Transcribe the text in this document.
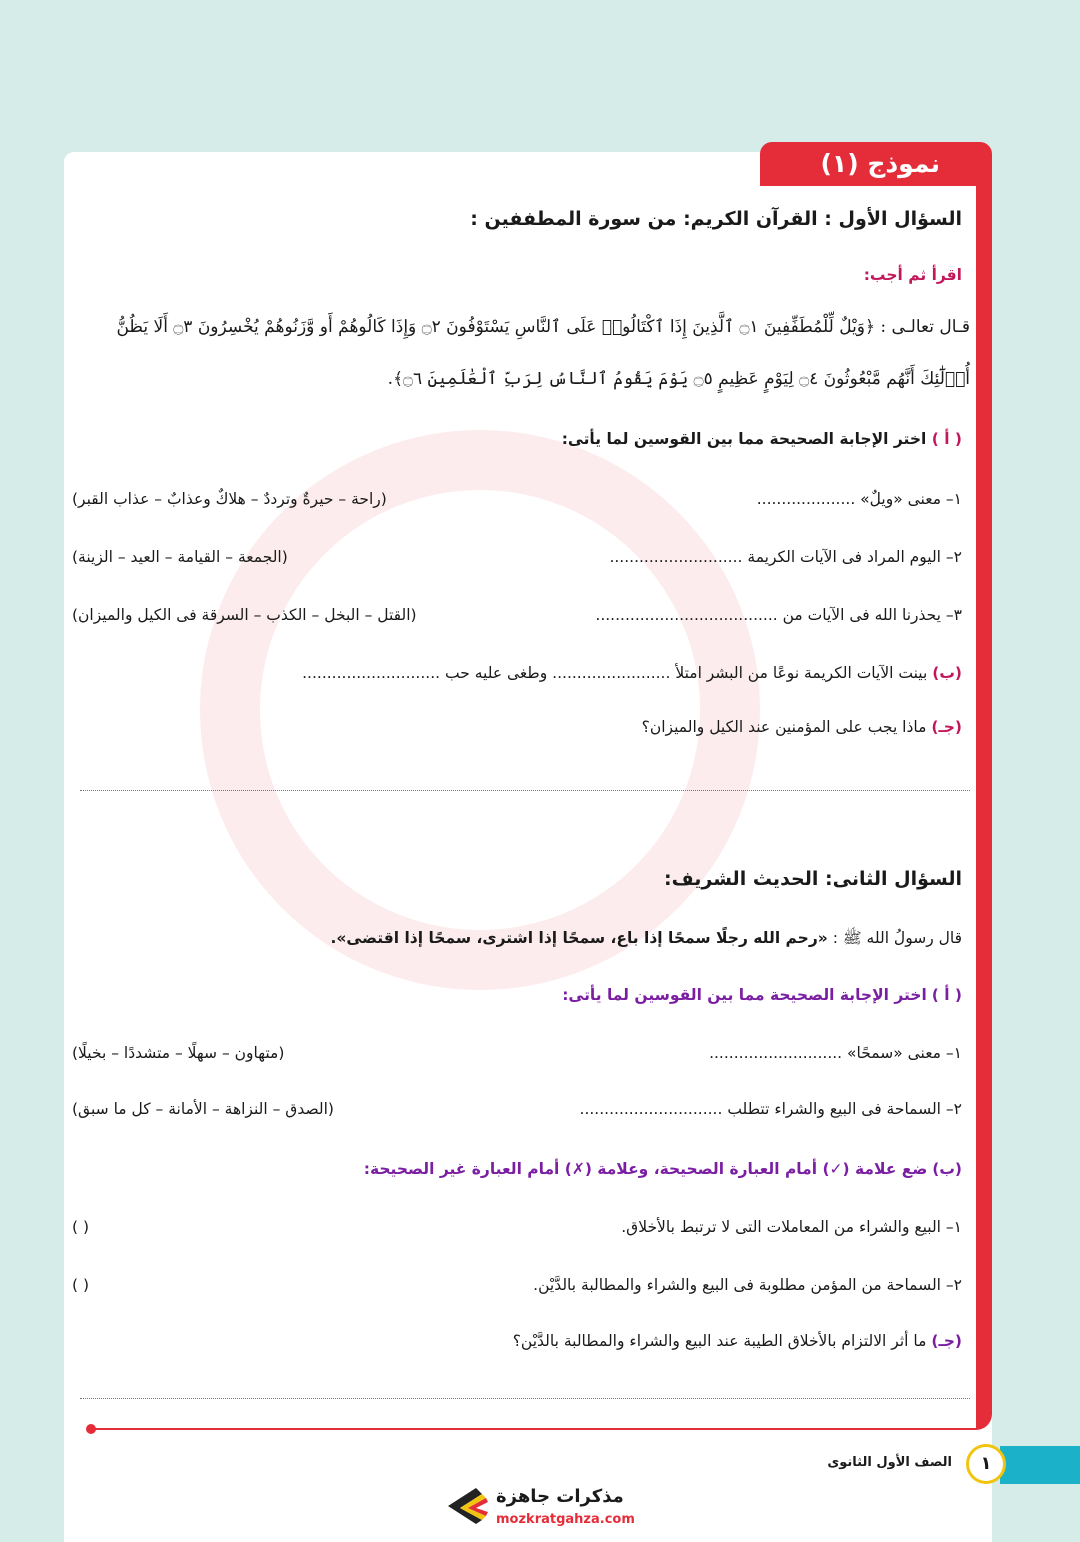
نموذج (١)
السؤال الأول : القرآن الكريم: من سورة المطففين :
اقرأ ثم أجب:
قـال تعالـى : ﴿وَيْلٌ لِّلْمُطَفِّفِينَ ۝١ ٱلَّذِينَ إِذَا ٱكْتَالُوا۟ عَلَى ٱلنَّاسِ يَسْتَوْفُونَ ۝٢ وَإِذَا كَالُوهُمْ أَو وَّزَنُوهُمْ يُخْسِرُونَ ۝٣ أَلَا يَظُنُّ
أُو۟لَٰٓئِكَ أَنَّهُم مَّبْعُوثُونَ ۝٤ لِيَوْمٍ عَظِيمٍ ۝٥ يَوْمَ يَقُومُ ٱلنَّاسُ لِرَبِّ ٱلْعَٰلَمِينَ ۝٦﴾.
( أ ) اختر الإجابة الصحيحة مما بين القوسين لما يأتى:
١– معنى «ويلٌ» ....................
(راحة – حيرةٌ وترددٌ – هلاكٌ وعذابٌ – عذاب القبر)
٢– اليوم المراد فى الآيات الكريمة ...........................
(الجمعة – القيامة – العيد – الزينة)
٣– يحذرنا الله فى الآيات من .....................................
(القتل – البخل – الكذب – السرقة فى الكيل والميزان)
(ب) بينت الآيات الكريمة نوعًا من البشر امتلأ ........................ وطغى عليه حب ............................
(جـ) ماذا يجب على المؤمنين عند الكيل والميزان؟
السؤال الثانى: الحديث الشريف:
قال رسولُ الله ﷺ : «رحم الله رجلًا سمحًا إذا باع، سمحًا إذا اشترى، سمحًا إذا اقتضى».
( أ ) اختر الإجابة الصحيحة مما بين القوسين لما يأتى:
١– معنى «سمحًا» ...........................
(متهاون – سهلًا – متشددًا – بخيلًا)
٢– السماحة فى البيع والشراء تتطلب .............................
(الصدق – النزاهة – الأمانة – كل ما سبق)
(ب) ضع علامة (✓) أمام العبارة الصحيحة، وعلامة (✗) أمام العبارة غير الصحيحة:
١– البيع والشراء من المعاملات التى لا ترتبط بالأخلاق.
( )
٢– السماحة من المؤمن مطلوبة فى البيع والشراء والمطالبة بالدَّيْن.
( )
(جـ) ما أثر الالتزام بالأخلاق الطيبة عند البيع والشراء والمطالبة بالدَّيْن؟
١
الصف الأول الثانوى
مذكرات جاهزة
mozkratgahza.com
